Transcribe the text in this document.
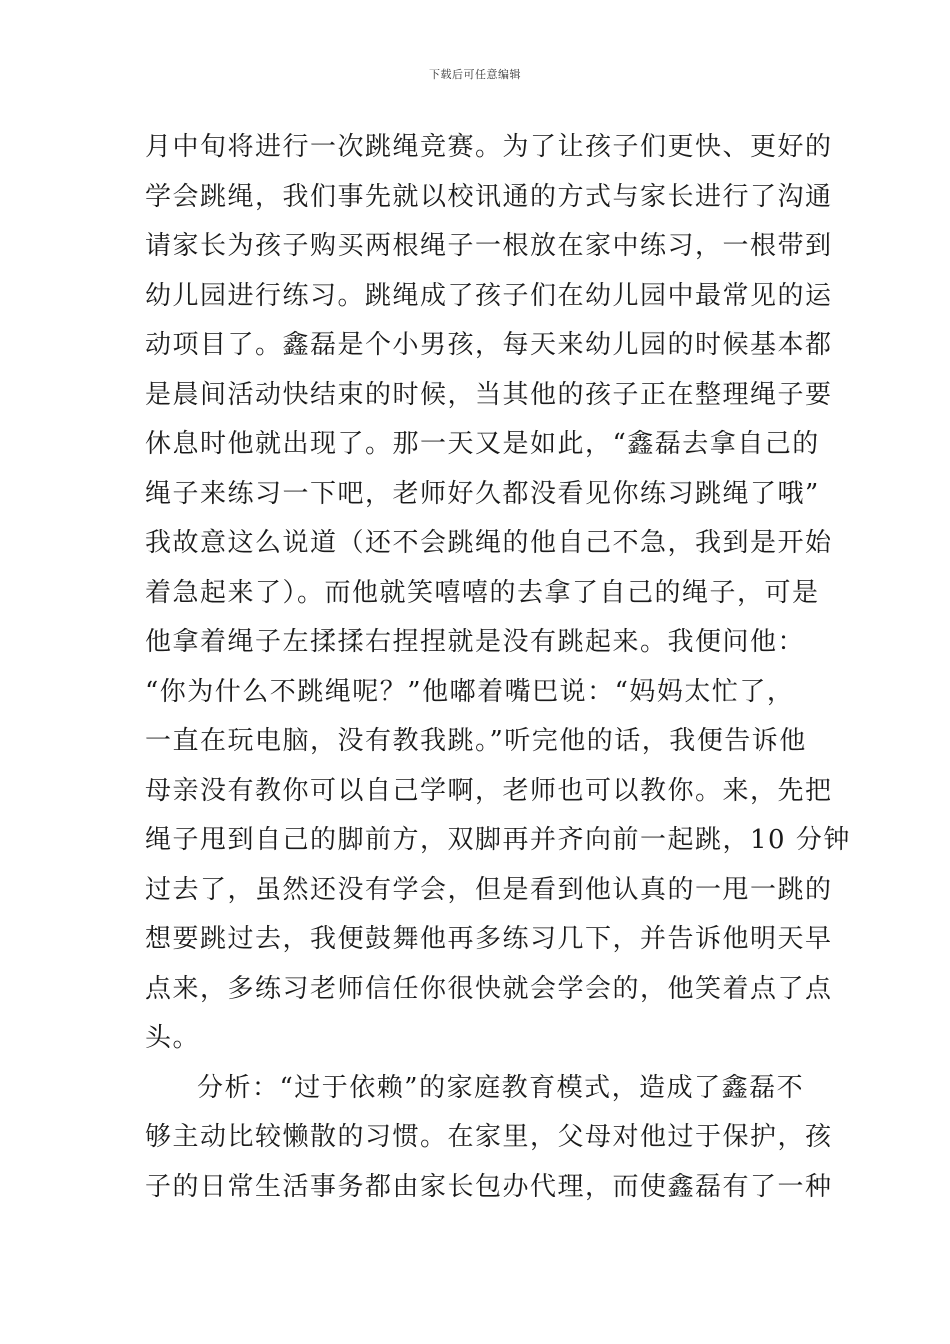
下载后可任意编辑
月中旬将进行一次跳绳竞赛。为了让孩子们更快、更好的
学会跳绳，我们事先就以校讯通的方式与家长进行了沟通
请家长为孩子购买两根绳子一根放在家中练习，一根带到
幼儿园进行练习。跳绳成了孩子们在幼儿园中最常见的运
动项目了。鑫磊是个小男孩，每天来幼儿园的时候基本都
是晨间活动快结束的时候，当其他的孩子正在整理绳子要
休息时他就出现了。那一天又是如此，“鑫磊去拿自己的
绳子来练习一下吧，老师好久都没看见你练习跳绳了哦”
我故意这么说道（还不会跳绳的他自己不急，我到是开始
着急起来了）。而他就笑嘻嘻的去拿了自己的绳子，可是
他拿着绳子左揉揉右捏捏就是没有跳起来。我便问他：
“你为什么不跳绳呢？”他嘟着嘴巴说：“妈妈太忙了，
一直在玩电脑，没有教我跳。”听完他的话，我便告诉他
母亲没有教你可以自己学啊，老师也可以教你。来，先把
绳子甩到自己的脚前方，双脚再并齐向前一起跳，10 分钟
过去了，虽然还没有学会，但是看到他认真的一甩一跳的
想要跳过去，我便鼓舞他再多练习几下，并告诉他明天早
点来，多练习老师信任你很快就会学会的，他笑着点了点
头。
分析：“过于依赖”的家庭教育模式，造成了鑫磊不
够主动比较懒散的习惯。在家里，父母对他过于保护，孩
子的日常生活事务都由家长包办代理，而使鑫磊有了一种
